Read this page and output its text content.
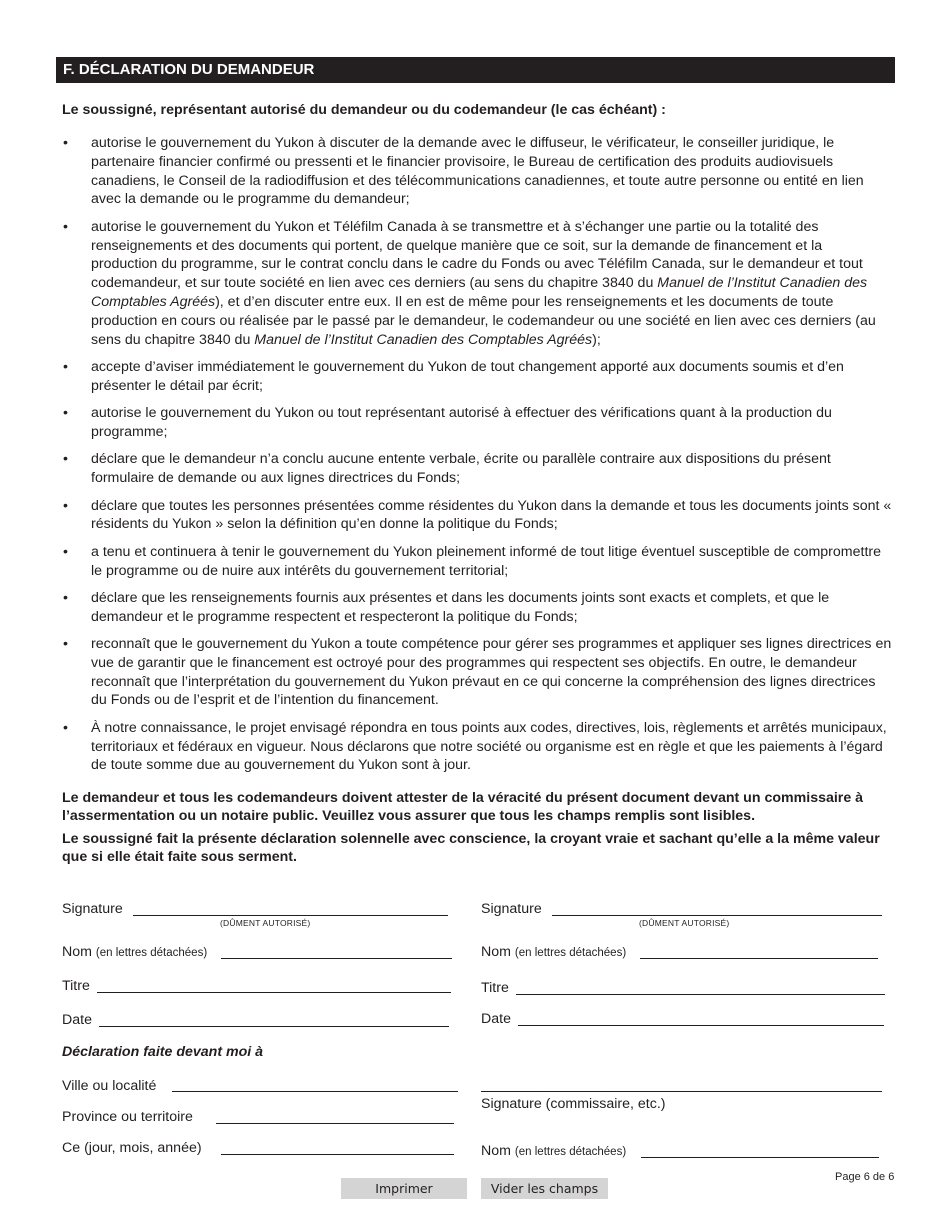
F. DÉCLARATION DU DEMANDEUR
Le soussigné, représentant autorisé du demandeur ou du codemandeur (le cas échéant) :
• autorise le gouvernement du Yukon à discuter de la demande avec le diffuseur, le vérificateur, le conseiller juridique, le partenaire financier confirmé ou pressenti et le financier provisoire, le Bureau de certification des produits audiovisuels canadiens, le Conseil de la radiodiffusion et des télécommunications canadiennes, et toute autre personne ou entité en lien avec la demande ou le programme du demandeur;
• autorise le gouvernement du Yukon et Téléfilm Canada à se transmettre et à s’échanger une partie ou la totalité des renseignements et des documents qui portent, de quelque manière que ce soit, sur la demande de financement et la production du programme, sur le contrat conclu dans le cadre du Fonds ou avec Téléfilm Canada, sur le demandeur et tout codemandeur, et sur toute société en lien avec ces derniers (au sens du chapitre 3840 du Manuel de l’Institut Canadien des Comptables Agréés), et d’en discuter entre eux. Il en est de même pour les renseignements et les documents de toute production en cours ou réalisée par le passé par le demandeur, le codemandeur ou une société en lien avec ces derniers (au sens du chapitre 3840 du Manuel de l’Institut Canadien des Comptables Agréés);
• accepte d’aviser immédiatement le gouvernement du Yukon de tout changement apporté aux documents soumis et d’en présenter le détail par écrit;
• autorise le gouvernement du Yukon ou tout représentant autorisé à effectuer des vérifications quant à la production du programme;
• déclare que le demandeur n’a conclu aucune entente verbale, écrite ou parallèle contraire aux dispositions du présent formulaire de demande ou aux lignes directrices du Fonds;
• déclare que toutes les personnes présentées comme résidentes du Yukon dans la demande et tous les documents joints sont « résidents du Yukon » selon la définition qu’en donne la politique du Fonds;
• a tenu et continuera à tenir le gouvernement du Yukon pleinement informé de tout litige éventuel susceptible de compromettre le programme ou de nuire aux intérêts du gouvernement territorial;
• déclare que les renseignements fournis aux présentes et dans les documents joints sont exacts et complets, et que le demandeur et le programme respectent et respecteront la politique du Fonds;
• reconnaît que le gouvernement du Yukon a toute compétence pour gérer ses programmes et appliquer ses lignes directrices en vue de garantir que le financement est octroyé pour des programmes qui respectent ses objectifs. En outre, le demandeur reconnaît que l’interprétation du gouvernement du Yukon prévaut en ce qui concerne la compréhension des lignes directrices du Fonds ou de l’esprit et de l’intention du financement.
• À notre connaissance, le projet envisagé répondra en tous points aux codes, directives, lois, règlements et arrêtés municipaux, territoriaux et fédéraux en vigueur. Nous déclarons que notre société ou organisme est en règle et que les paiements à l’égard de toute somme due au gouvernement du Yukon sont à jour.

Le demandeur et tous les codemandeurs doivent attester de la véracité du présent document devant un commissaire à l’assermentation ou un notaire public. Veuillez vous assurer que tous les champs remplis sont lisibles.

Le soussigné fait la présente déclaration solennelle avec conscience, la croyant vraie et sachant qu’elle a la même valeur que si elle était faite sous serment.

Signature
(DÛMENT AUTORISÉ)
Nom (en lettres détachées)
Titre
Date
Déclaration faite devant moi à
Ville ou localité
Province ou territoire
Ce (jour, mois, année)
Signature
(DÛMENT AUTORISÉ)
Nom (en lettres détachées)
Titre
Date
Signature (commissaire, etc.)
Nom (en lettres détachées)
Imprimer	Vider les champs
Page 6 de 6
